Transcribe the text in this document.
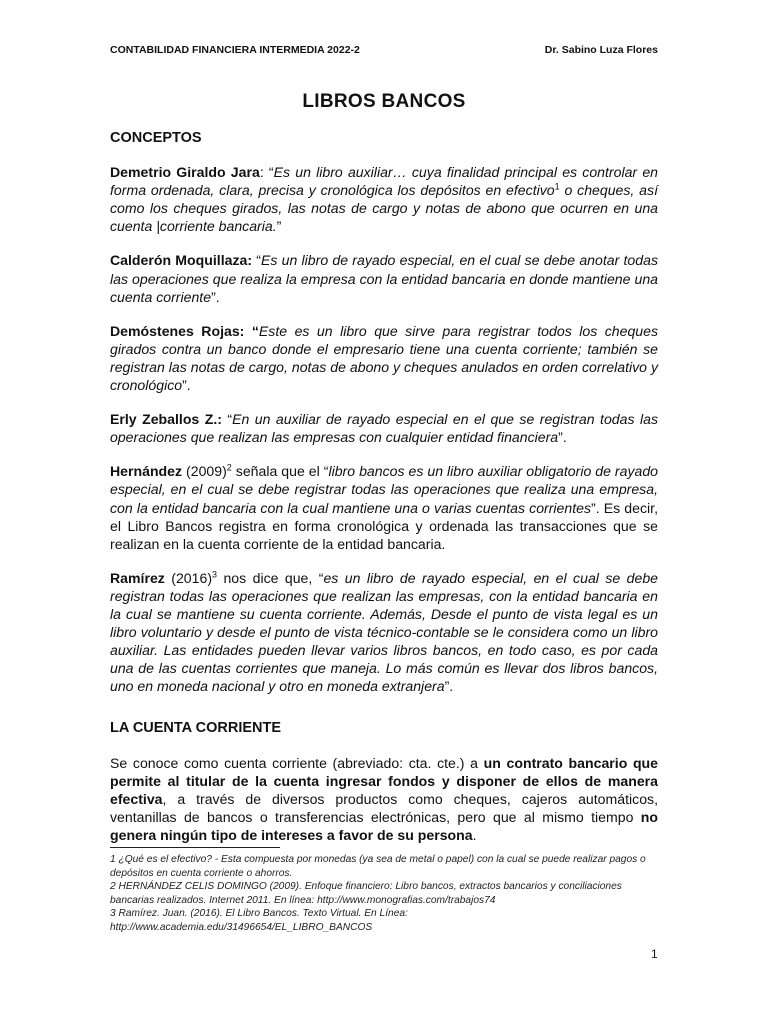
CONTABILIDAD FINANCIERA INTERMEDIA 2022-2	Dr. Sabino Luza Flores
LIBROS BANCOS
CONCEPTOS

Demetrio Giraldo Jara: “Es un libro auxiliar… cuya finalidad principal es controlar en forma ordenada, clara, precisa y cronológica los depósitos en efectivo$^1$ o cheques, así como los cheques girados, las notas de cargo y notas de abono que ocurren en una cuenta |corriente bancaria.”

Calderón Moquillaza: “Es un libro de rayado especial, en el cual se debe anotar todas las operaciones que realiza la empresa con la entidad bancaria en donde mantiene una cuenta corriente”.

Demóstenes Rojas: “Este es un libro que sirve para registrar todos los cheques girados contra un banco donde el empresario tiene una cuenta corriente; también se registran las notas de cargo, notas de abono y cheques anulados en orden correlativo y cronológico”.

Erly Zeballos Z.: “En un auxiliar de rayado especial en el que se registran todas las operaciones que realizan las empresas con cualquier entidad financiera”.

Hernández $(2009)^2$ señala que el “libro bancos es un libro auxiliar obligatorio de rayado especial, en el cual se debe registrar todas las operaciones que realiza una empresa, con la entidad bancaria con la cual mantiene una o varias cuentas corrientes”. Es decir, el Libro Bancos registra en forma cronológica y ordenada las transacciones que se realizan en la cuenta corriente de la entidad bancaria.

Ramírez $(2016)^3$ nos dice que, “es un libro de rayado especial, en el cual se debe registran todas las operaciones que realizan las empresas, con la entidad bancaria en la cual se mantiene su cuenta corriente. Además, Desde el punto de vista legal es un libro voluntario y desde el punto de vista técnico-contable se le considera como un libro auxiliar. Las entidades pueden llevar varios libros bancos, en todo caso, es por cada una de las cuentas corrientes que maneja. Lo más común es llevar dos libros bancos, uno en moneda nacional y otro en moneda extranjera”.

LA CUENTA CORRIENTE

Se conoce como cuenta corriente (abreviado: cta. cte.) a un contrato bancario que permite al titular de la cuenta ingresar fondos y disponer de ellos de manera efectiva, a través de diversos productos como cheques, cajeros automáticos, ventanillas de bancos o transferencias electrónicas, pero que al mismo tiempo no genera ningún tipo de intereses a favor de su persona.

1 ¿Qué es el efectivo? - Esta compuesta por monedas (ya sea de metal o papel) con la cual se puede realizar pagos o depósitos en cuenta corriente o ahorros.
2 HERNÁNDEZ CELIS DOMINGO (2009). Enfoque financiero: Libro bancos, extractos bancarios y conciliaciones bancarias realizados. Internet 2011. En línea: http://www.monografias.com/trabajos74
3 Ramírez. Juan. (2016). El Libro Bancos. Texto Virtual. En Línea:
http://www.academia.edu/31496654/EL_LIBRO_BANCOS
1
